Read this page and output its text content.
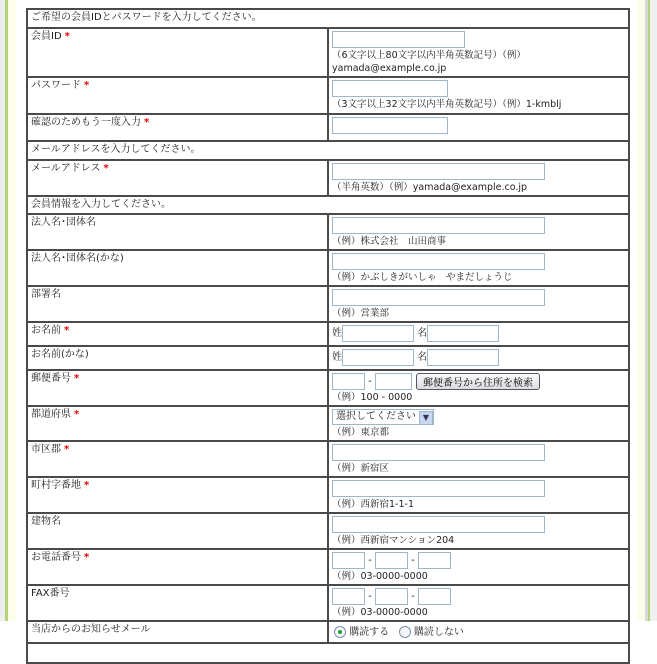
ご希望の会員IDとパスワードを入力してください。	
会員ID *	（6文字以上80文字以内半角英数記号）（例）yamada@example.co.jp

パスワード *	（3文字以上32文字以内半角英数記号）（例）1-kmblj

確認のためもう一度入力 *	
メールアドレスを入力してください。	
メールアドレス *	（半角英数）（例）yamada@example.co.jp

会員情報を入力してください。	
法人名･団体名	（例）株式会社　山田商事

法人名･団体名(かな)	（例）かぶしきがいしゃ　やまだしょうじ

部署名	（例）営業部

お名前 *	姓 名
お名前(かな)	姓 名
郵便番号 *	- 郵便番号から住所を検索
（例）100 - 0000

都道府県 *	選択してください ▼
（例）東京都

市区郡 *	（例）新宿区

町村字番地 *	（例）西新宿1-1-1

建物名	（例）西新宿マンション204

お電話番号 *	- -
（例）03-0000-0000

FAX番号	- -
（例）03-0000-0000

当店からのお知らせメール	購読する 購読しない
